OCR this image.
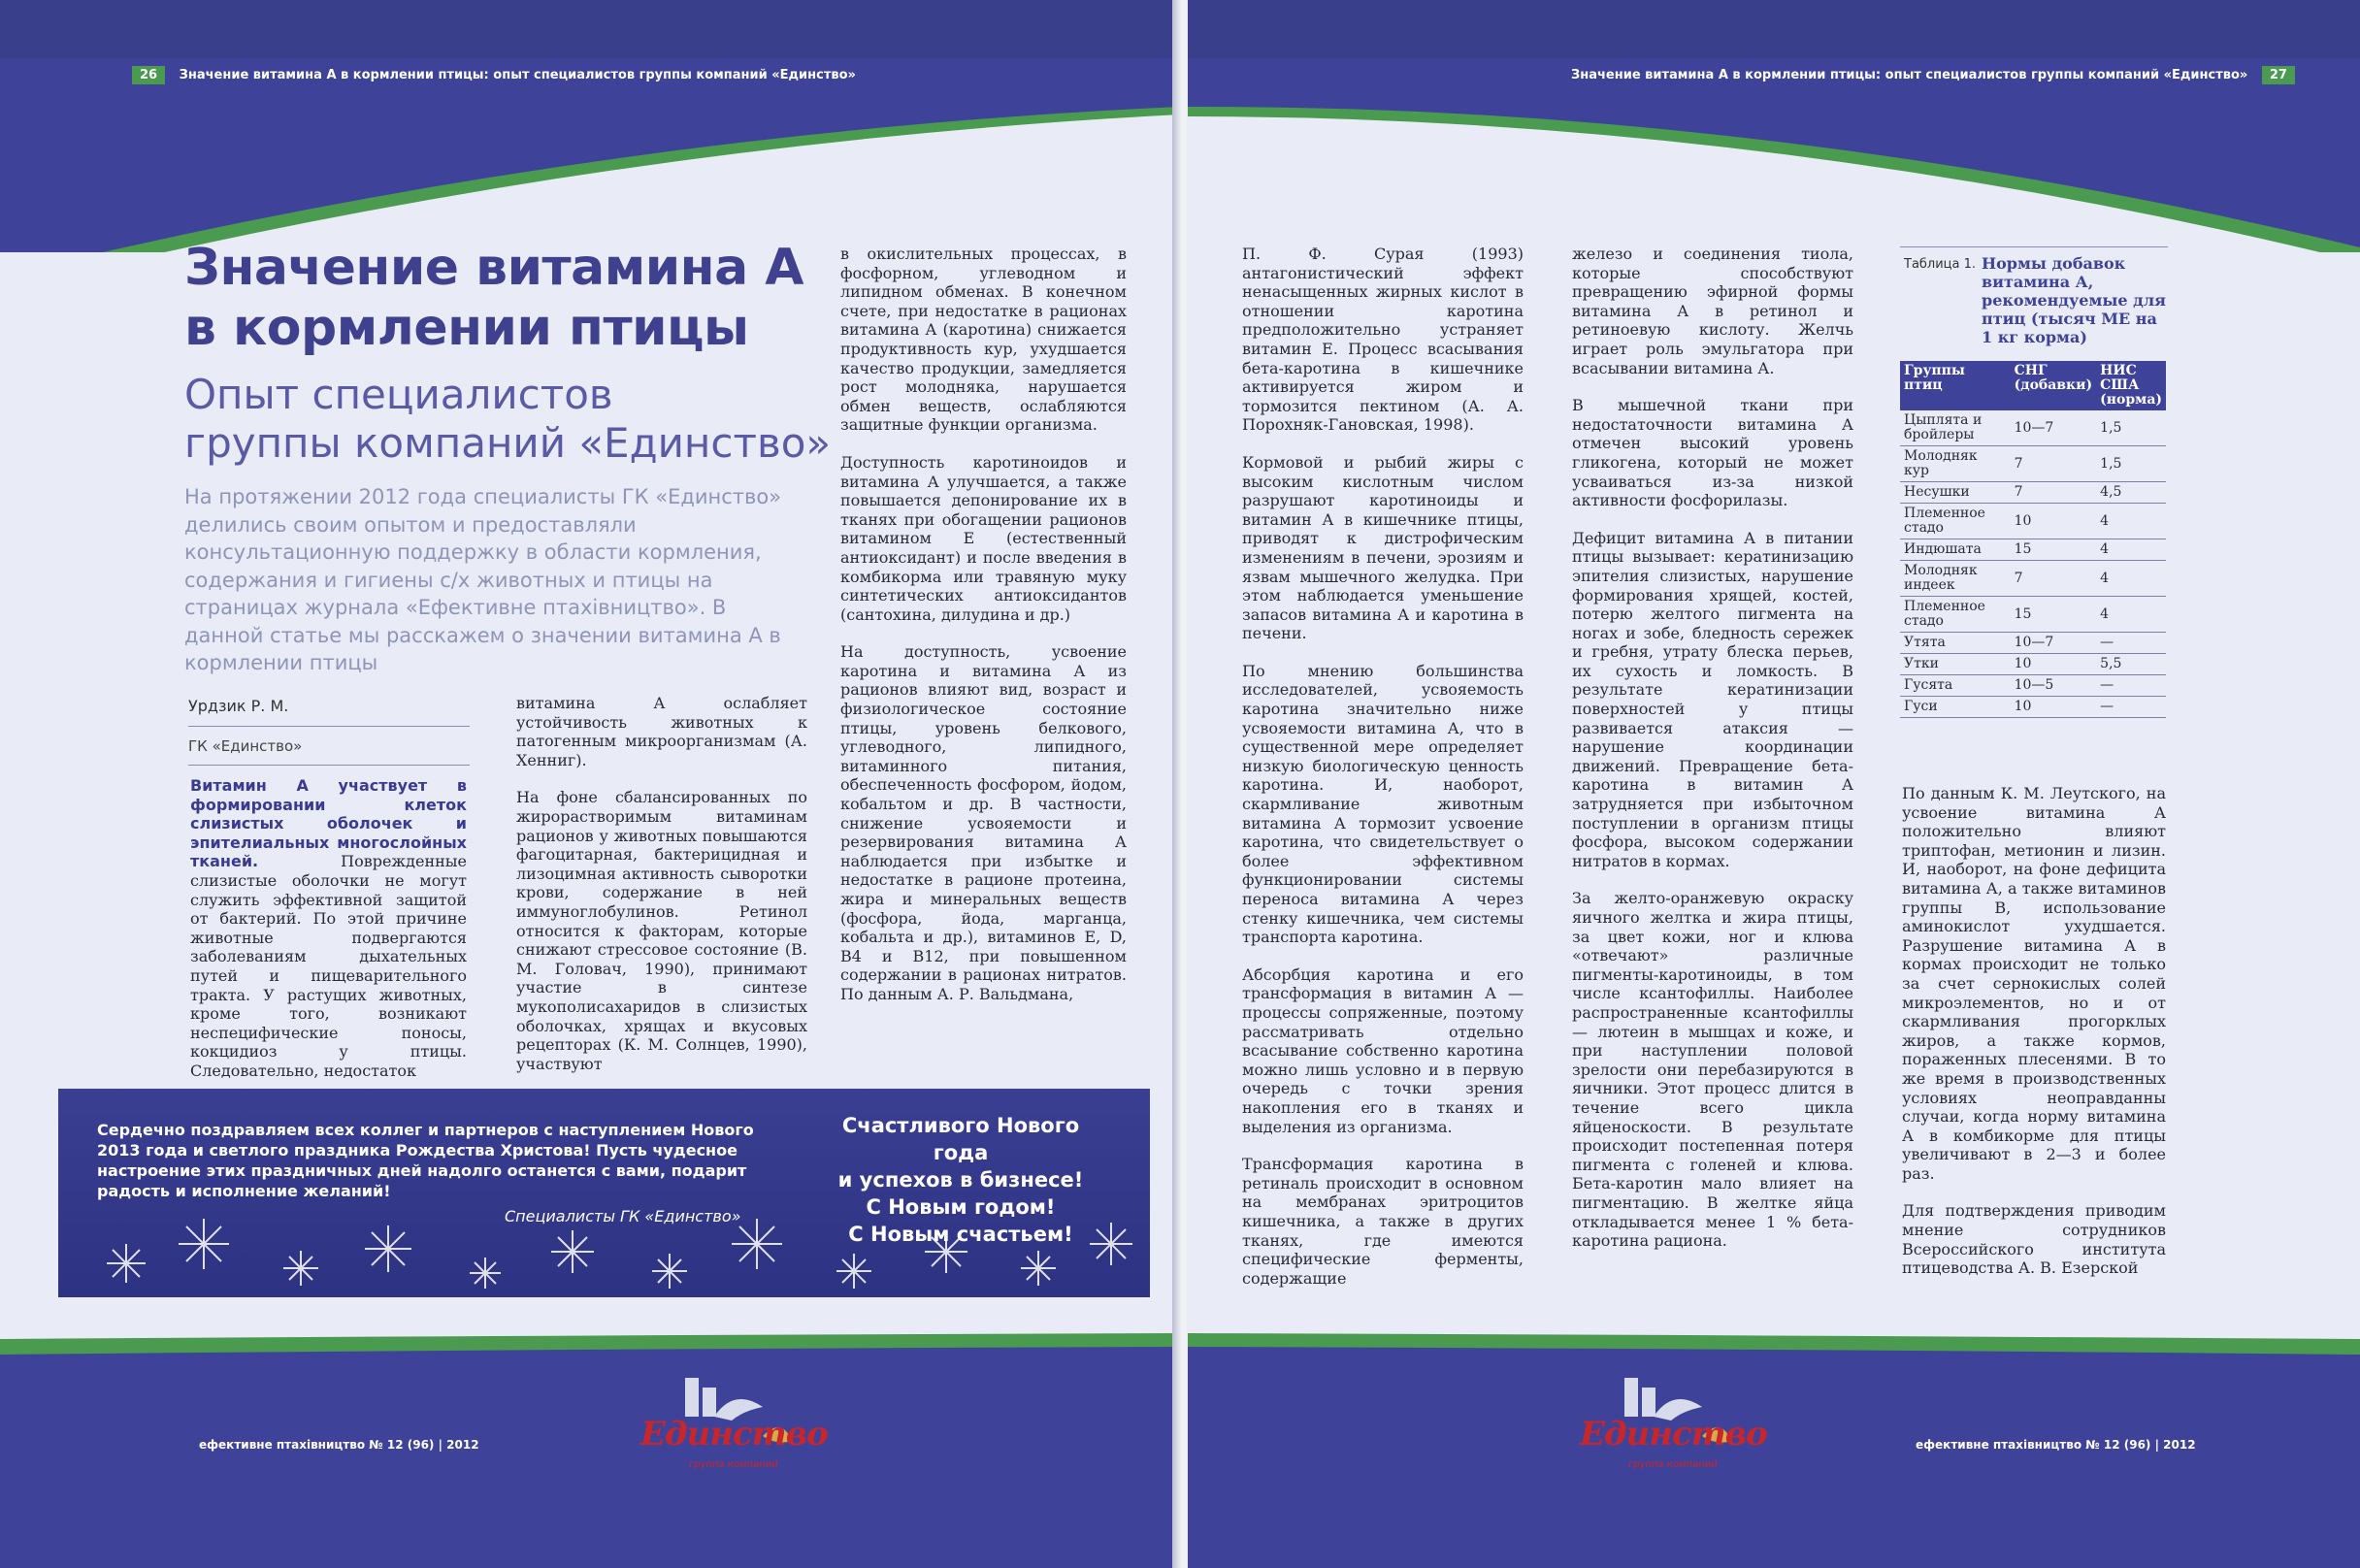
26 Значение витамина А в кормлении птицы: опыт специалистов группы компаний «Единство»
Значение витамина А
в кормлении птицы
Опыт специалистов
группы компаний «Единство»
На протяжении 2012 года специалисты ГК «Единство» делились своим опытом и предоставляли консультационную поддержку в области кормления, содержания и гигиены с/х животных и птицы на страницах журнала «Ефективне птахівництво». В данной статье мы расскажем о значении витамина А в кормлении птицы
Урдзик Р. М.
ГК «Единство»

Витамин А участвует в формировании клеток слизистых оболочек и эпителиальных многослойных тканей.	Поврежденные слизистые оболочки не могут служить эффективной защитой от бактерий. По этой причине животные подвергаются заболеваниям дыхательных путей и пищеварительного тракта. У растущих животных, кроме того, возникают неспецифические поносы, кокцидиоз у птицы. Следовательно, недостаток

витамина А ослабляет устойчивость животных к патогенным микроорганизмам (А. Хенниг).

На фоне сбалансированных по жирорастворимым витаминам рационов у животных повышаются фагоцитарная, бактерицидная и лизоцимная активность сыворотки крови, содержание в ней иммуноглобулинов. Ретинол относится к факторам, которые снижают стрессовое состояние (В. М. Головач, 1990), принимают участие в синтезе мукополисахаридов в слизистых оболочках, хрящах и вкусовых рецепторах (К. М. Солнцев, 1990), участвуют

в окислительных процессах, в фосфорном, углеводном и липидном обменах. В конечном счете, при недостатке в рационах витамина А (каротина) снижается продуктивность кур, ухудшается качество продукции, замедляется рост молодняка, нарушается обмен веществ, ослабляются защитные функции организма.

Доступность каротиноидов и витамина А улучшается, а также повышается депонирование их в тканях при обогащении рационов витамином Е (естественный антиоксидант) и после введения в комбикорма или травяную муку синтетических антиоксидантов (сантохина, дилудина и др.)

На доступность, усвоение каротина и витамина А из рационов влияют вид, возраст и физиологическое состояние птицы, уровень белкового, углеводного, липидного, витаминного питания, обеспеченность фосфором, йодом, кобальтом и др. В частности, снижение усвояемости и резервирования витамина А наблюдается при избытке и недостатке в рационе протеина, жира и минеральных веществ (фосфора, йода, марганца, кобальта и др.), витаминов E, D, B4 и B12, при повышенном содержании в рационах нитратов. По данным А. Р. Вальдмана,

Сердечно поздравляем всех коллег и партнеров с наступлением Нового 2013 года и светлого праздника Рождества Христова! Пусть чудесное настроение этих праздничных дней надолго останется с вами, подарит радость и исполнение желаний!
Специалисты ГК «Единство»
Счастливого Нового года
и успехов в бизнесе!
С Новым годом!
С Новым счастьем!
ефективне птахівництво № 12 (96) | 2012	Единство
группа компаний
Значение витамина А в кормлении птицы: опыт специалистов группы компаний «Единство» 27

П. Ф. Сурая (1993) антагонистический эффект ненасыщенных жирных кислот в отношении каротина предположительно устраняет витамин Е. Процесс всасывания бета-каротина в кишечнике активируется жиром и тормозится пектином (А. А. Порохняк-Гановская, 1998).

Кормовой и рыбий жиры с высоким кислотным числом разрушают каротиноиды и витамин А в кишечнике птицы, приводят к дистрофическим изменениям в печени, эрозиям и язвам мышечного желудка. При этом наблюдается уменьшение запасов витамина А и каротина в печени.

По мнению большинства исследователей, усвояемость каротина значительно ниже усвояемости витамина А, что в существенной мере определяет низкую биологическую ценность каротина. И, наоборот, скармливание животным витамина А тормозит усвоение каротина, что свидетельствует о более эффективном функционировании системы переноса витамина А через стенку кишечника, чем системы транспорта каротина.

Абсорбция каротина и его трансформация в витамин А — процессы сопряженные, поэтому рассматривать отдельно всасывание собственно каротина можно лишь условно и в первую очередь с точки зрения накопления его в тканях и выделения из организма.

Трансформация каротина в ретиналь происходит в основном на мембранах эритроцитов кишечника, а также в других тканях, где имеются специфические ферменты, содержащие

железо и соединения тиола, которые способствуют превращению эфирной формы витамина А в ретинол и ретиноевую кислоту. Желчь играет роль эмульгатора при всасывании витамина А.

В мышечной ткани при недостаточности витамина А отмечен высокий уровень гликогена, который не может усваиваться из-за низкой активности фосфорилазы.

Дефицит витамина А в питании птицы вызывает: кератинизацию эпителия слизистых, нарушение формирования хрящей, костей, потерю желтого пигмента на ногах и зобе, бледность сережек и гребня, утрату блеска перьев, их сухость и ломкость. В результате кератинизации поверхностей у птицы развивается атаксия — нарушение координации движений. Превращение бета-каротина в витамин А затрудняется при избыточном поступлении в организм птицы фосфора, высоком содержании нитратов в кормах.

За желто-оранжевую окраску яичного желтка и жира птицы, за цвет кожи, ног и клюва «отвечают» различные пигменты-каротиноиды, в том числе ксантофиллы. Наиболее распространенные ксантофиллы — лютеин в мышцах и коже, и при наступлении половой зрелости они перебазируются в яичники. Этот процесс длится в течение всего цикла яйценоскости. В результате происходит постепенная потеря пигмента с голеней и клюва. Бета-каротин мало влияет на пигментацию. В желтке яйца откладывается менее 1 % бета-каротина рациона.

Таблица 1. Нормы добавок витамина А, рекомендуемые для птиц (тысяч МЕ на 1 кг корма)
Группы птиц	СНГ (добавки)	НИС США (норма)
Цыплята и бройлеры	10—7	1,5
Молодняк кур	7	1,5
Несушки	7	4,5
Племенное стадо	10	4
Индюшата	15	4
Молодняк индеек	7	4
Племенное стадо	15	4
Утята	10—7	—
Утки	10	5,5
Гусята	10—5	—
Гуси	10	—

По данным К. М. Леутского, на усвоение витамина А положительно влияют триптофан, метионин и лизин. И, наоборот, на фоне дефицита витамина А, а также витаминов группы В, использование аминокислот ухудшается. Разрушение витамина А в кормах происходит не только за счет сернокислых солей микроэлементов, но и от скармливания прогорклых жиров, а также кормов, пораженных плесенями. В то же время в производственных условиях неоправданны случаи, когда норму витамина А в комбикорме для птицы увеличивают в 2—3 и более раз.

Для подтверждения приводим мнение сотрудников Всероссийского института птицеводства А. В. Езерской

Единство
группа компаний
ефективне птахівництво № 12 (96) | 2012
